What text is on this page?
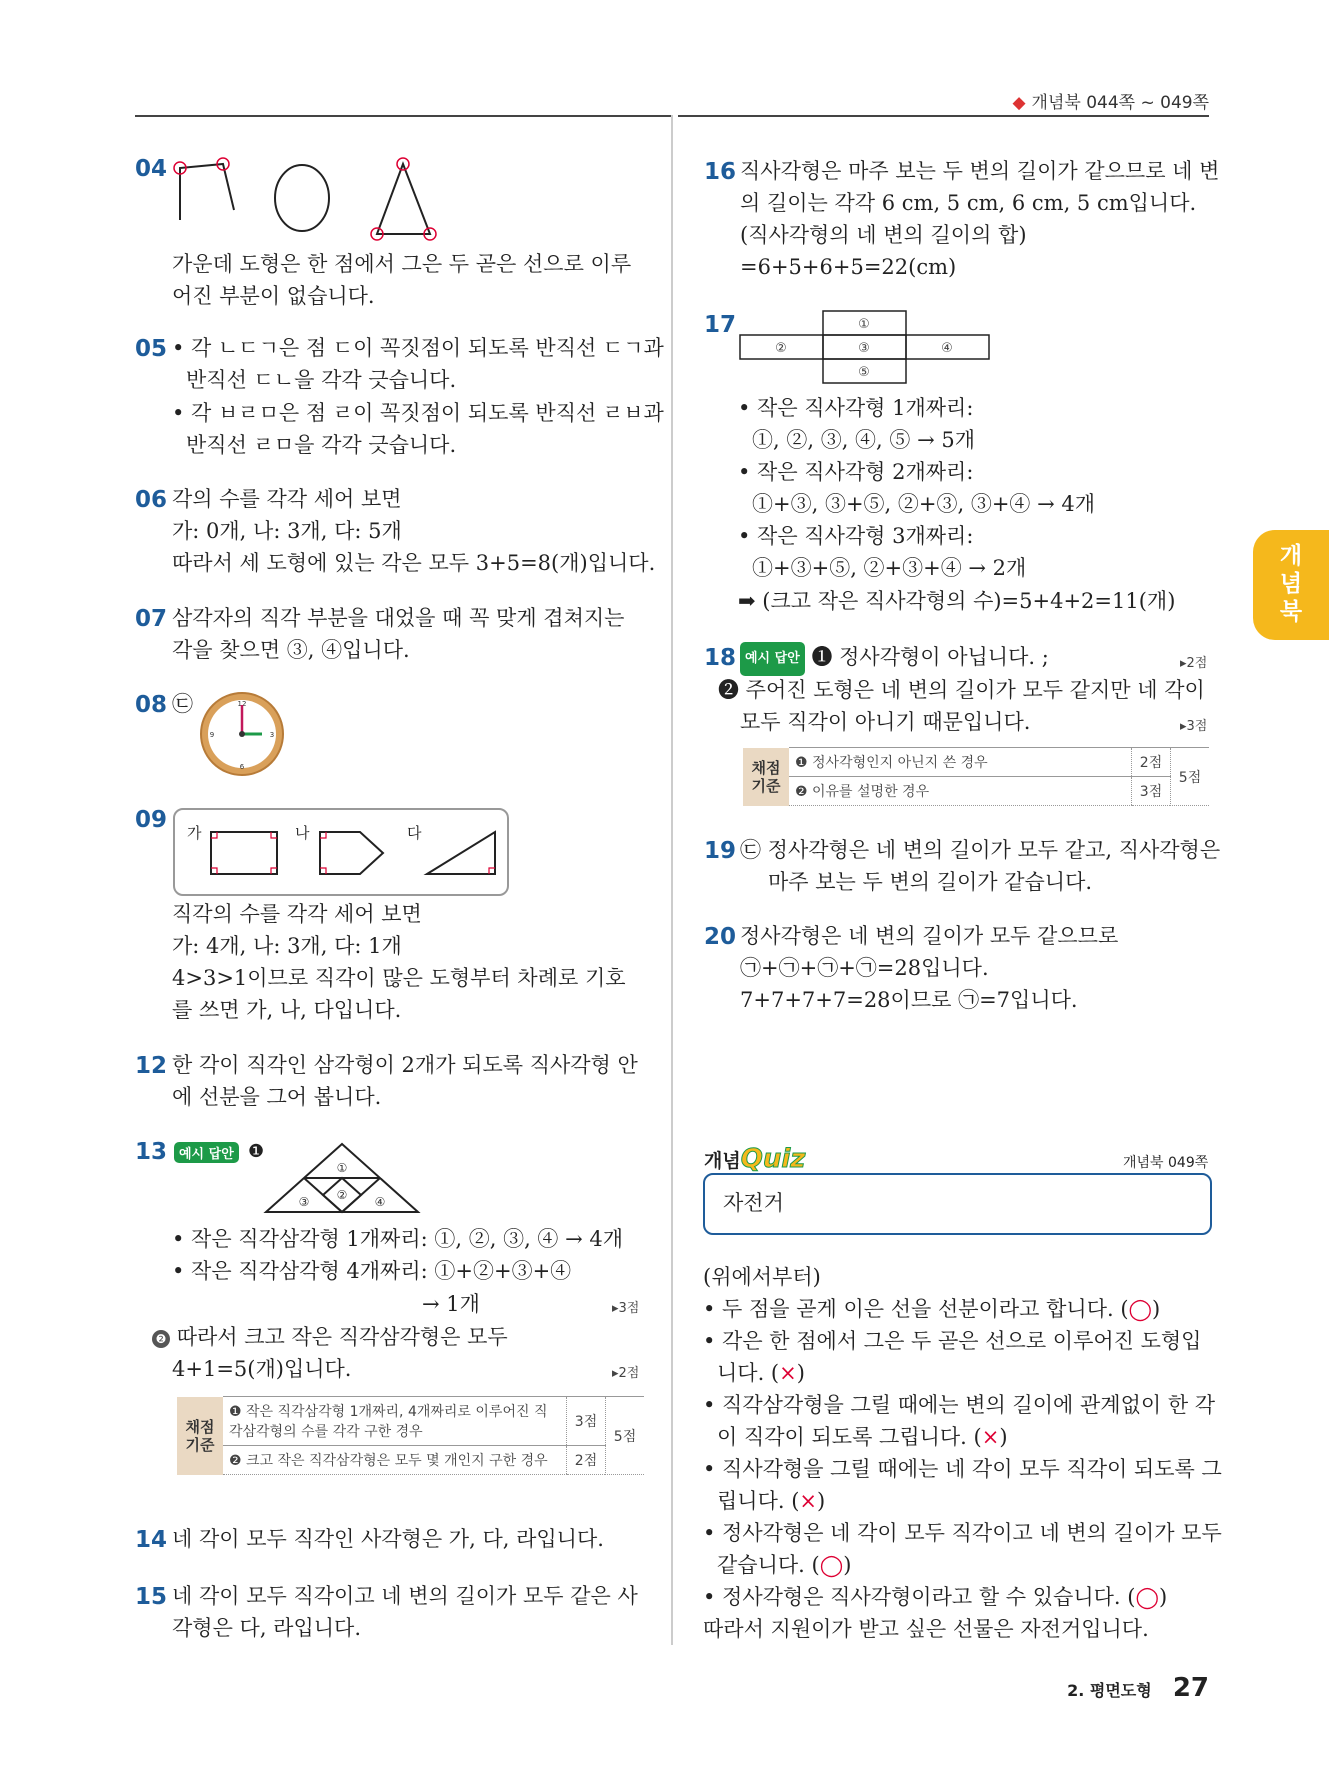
◆ 개념북 044쪽 ~ 049쪽
개념북
04
가운데 도형은 한 점에서 그은 두 곧은 선으로 이루
어진 부분이 없습니다.
05 • 각 ㄴㄷㄱ은 점 ㄷ이 꼭짓점이 되도록 반직선 ㄷㄱ과
반직선 ㄷㄴ을 각각 긋습니다.
• 각 ㅂㄹㅁ은 점 ㄹ이 꼭짓점이 되도록 반직선 ㄹㅂ과
반직선 ㄹㅁ을 각각 긋습니다.
06 각의 수를 각각 세어 보면
가: 0개, 나: 3개, 다: 5개
따라서 세 도형에 있는 각은 모두 3+5=8(개)입니다.
07 삼각자의 직각 부분을 대었을 때 꼭 맞게 겹쳐지는
각을 찾으면 ③, ④입니다.
08 ㉢	12
3
6
9
09 가	나	다
직각의 수를 각각 세어 보면
가: 4개, 나: 3개, 다: 1개
4>3>1이므로 직각이 많은 도형부터 차례로 기호
를 쓰면 가, 나, 다입니다.
12 한 각이 직각인 삼각형이 2개가 되도록 직사각형 안
에 선분을 그어 봅니다.
13 예시 답안 ❶
①
②
③	④
• 작은 직각삼각형 1개짜리: ①, ②, ③, ④ → 4개
• 작은 직각삼각형 4개짜리: ①+②+③+④
→ 1개	▸3점
❷ 따라서 크고 작은 직각삼각형은 모두
4+1=5(개)입니다.	▸2점
채점 기준	❶ 작은 직각삼각형 1개짜리, 4개짜리로 이루어진 직각삼각형의 수를 각각 구한 경우	3점	5점
	❷ 크고 작은 직각삼각형은 모두 몇 개인지 구한 경우	2점	
14 네 각이 모두 직각인 사각형은 가, 다, 라입니다.
15 네 각이 모두 직각이고 네 변의 길이가 모두 같은 사
각형은 다, 라입니다.
16 직사각형은 마주 보는 두 변의 길이가 같으므로 네 변
의 길이는 각각 6 cm, 5 cm, 6 cm, 5 cm입니다.
(직사각형의 네 변의 길이의 합)
=6+5+6+5=22(cm)
17	①
②	③	④
⑤
• 작은 직사각형 1개짜리:
①, ②, ③, ④, ⑤ → 5개
• 작은 직사각형 2개짜리:
①+③, ③+⑤, ②+③, ③+④ → 4개
• 작은 직사각형 3개짜리:
①+③+⑤, ②+③+④ → 2개
➡ (크고 작은 직사각형의 수)=5+4+2=11(개)
18 예시 답안 ❶ 정사각형이 아닙니다. ;	▸2점
❷ 주어진 도형은 네 변의 길이가 모두 같지만 네 각이
모두 직각이 아니기 때문입니다.	▸3점
채점 기준	❶ 정사각형인지 아닌지 쓴 경우	2점	5점
	❷ 이유를 설명한 경우	3점	
19 ㉢ 정사각형은 네 변의 길이가 모두 같고, 직사각형은
마주 보는 두 변의 길이가 같습니다.
20 정사각형은 네 변의 길이가 모두 같으므로
㉠+㉠+㉠+㉠=28입니다.
7+7+7+7=28이므로 ㉠=7입니다.
개념Quiz	개념북 049쪽
자전거
(위에서부터)
• 두 점을 곧게 이은 선을 선분이라고 합니다. (◯)
• 각은 한 점에서 그은 두 곧은 선으로 이루어진 도형입
니다. (×)
• 직각삼각형을 그릴 때에는 변의 길이에 관계없이 한 각
이 직각이 되도록 그립니다. (×)
• 직사각형을 그릴 때에는 네 각이 모두 직각이 되도록 그
립니다. (×)
• 정사각형은 네 각이 모두 직각이고 네 변의 길이가 모두
같습니다. (◯)
• 정사각형은 직사각형이라고 할 수 있습니다. (◯)
따라서 지원이가 받고 싶은 선물은 자전거입니다.
2. 평면도형 27
